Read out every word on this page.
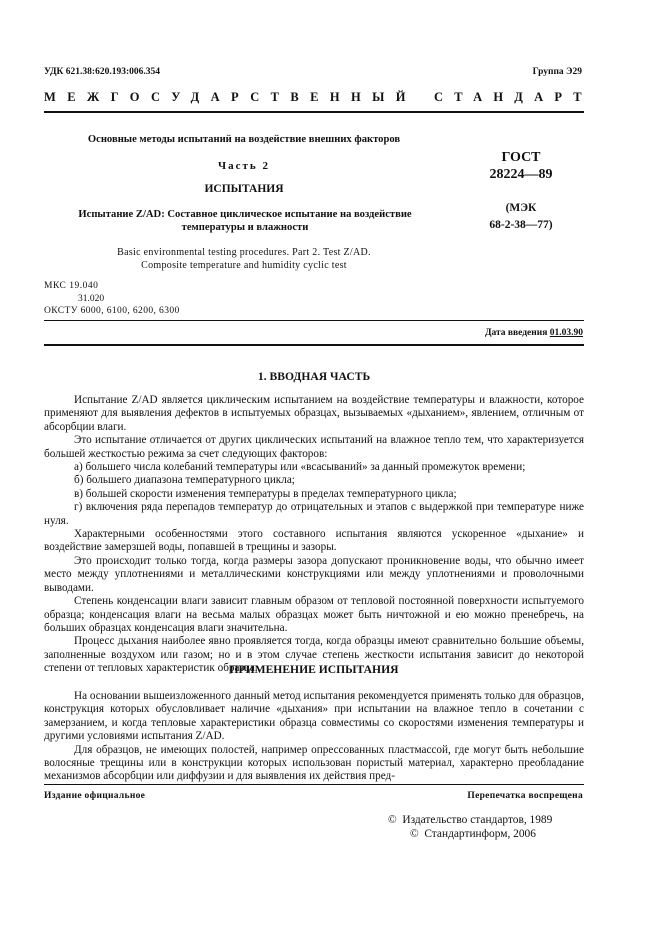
УДК 621.38:620.193:006.354	Группа Э29
МЕЖГОСУДАРСТВЕННЫЙ СТАНДАРТ
Основные методы испытаний на воздействие внешних факторов
Часть 2
ИСПЫТАНИЯ
Испытание Z/AD: Составное циклическое испытание на воздействие температуры и влажности
Basic environmental testing procedures. Part 2. Test Z/AD.
Composite temperature and humidity cyclic test
ГОСТ
28224—89
(МЭК
68-2-38—77)
МКС 19.040
31.020
ОКСТУ 6000, 6100, 6200, 6300
Дата введения 01.03.90
1. ВВОДНАЯ ЧАСТЬ

Испытание Z/AD является циклическим испытанием на воздействие температуры и влажности, которое применяют для выявления дефектов в испытуемых образцах, вызываемых «дыханием», явлением, отличным от абсорбции влаги.

Это испытание отличается от других циклических испытаний на влажное тепло тем, что характеризуется большей жесткостью режима за счет следующих факторов:

а) большего числа колебаний температуры или «всасываний» за данный промежуток времени;

б) большего диапазона температурного цикла;

в) большей скорости изменения температуры в пределах температурного цикла;

г) включения ряда перепадов температур до отрицательных и этапов с выдержкой при температуре ниже нуля.

Характерными особенностями этого составного испытания являются ускоренное «дыхание» и воздействие замерзшей воды, попавшей в трещины и зазоры.

Это происходит только тогда, когда размеры зазора допускают проникновение воды, что обычно имеет место между уплотнениями и металлическими конструкциями или между уплотнениями и проволочными выводами.

Степень конденсации влаги зависит главным образом от тепловой постоянной поверхности испытуемого образца; конденсация влаги на весьма малых образцах может быть ничтожной и ею можно пренебречь, на больших образцах конденсация влаги значительна.

Процесс дыхания наиболее явно проявляется тогда, когда образцы имеют сравнительно большие объемы, заполненные воздухом или газом; но и в этом случае степень жесткости испытания зависит до некоторой степени от тепловых характеристик образца.

ПРИМЕНЕНИЕ ИСПЫТАНИЯ

На основании вышеизложенного данный метод испытания рекомендуется применять только для образцов, конструкция которых обусловливает наличие «дыхания» при испытании на влажное тепло в сочетании с замерзанием, и когда тепловые характеристики образца совместимы со скоростями изменения температуры и другими условиями испытания Z/AD.

Для образцов, не имеющих полостей, например опрессованных пластмассой, где могут быть небольшие волосяные трещины или в конструкции которых использован пористый материал, характерно преобладание механизмов абсорбции или диффузии и для выявления их действия пред-

Издание официальное	Перепечатка воспрещена
© Издательство стандартов, 1989
© Стандартинформ, 2006
